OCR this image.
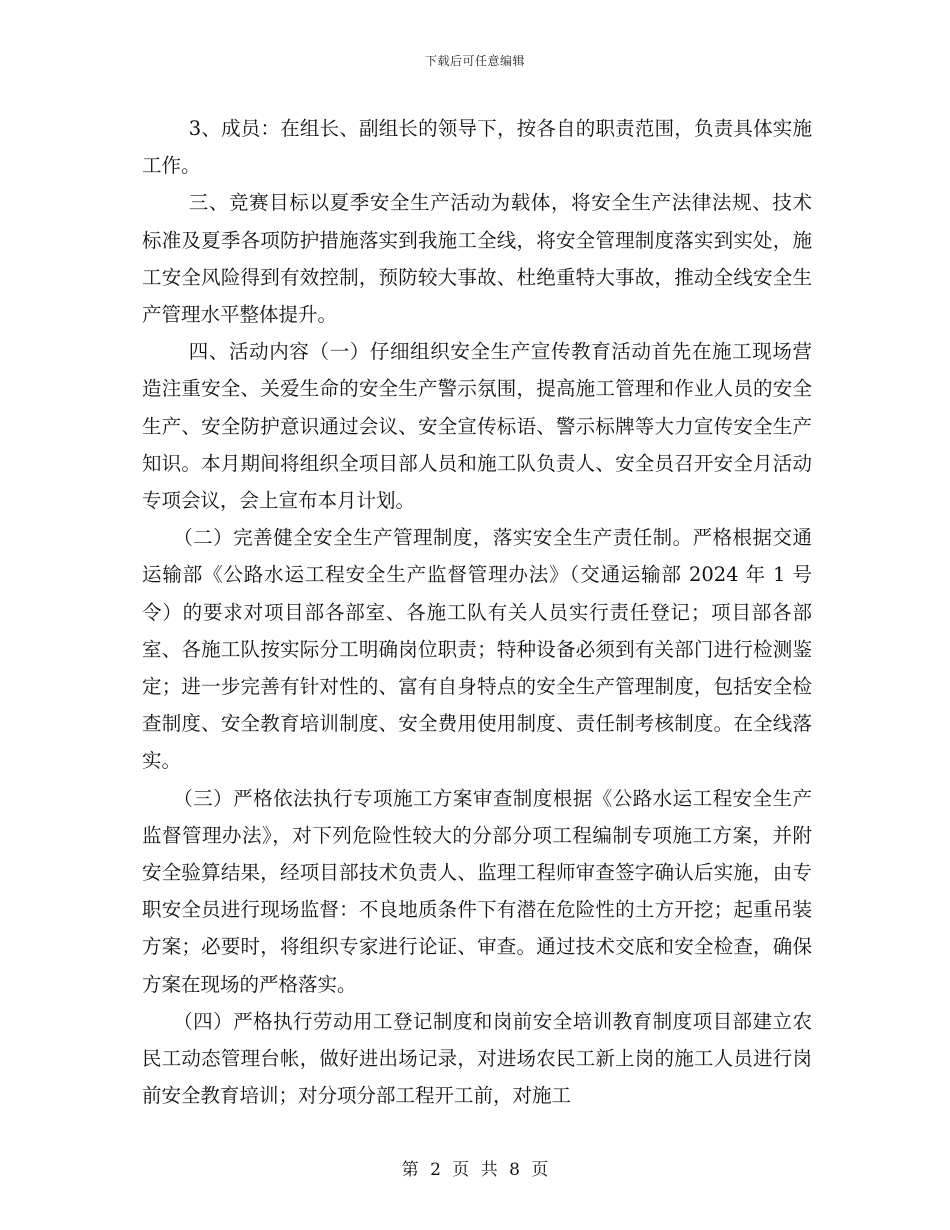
下载后可任意编辑

3、成员：在组长、副组长的领导下，按各自的职责范围，负责具体实施工作。

三、竞赛目标以夏季安全生产活动为载体，将安全生产法律法规、技术标准及夏季各项防护措施落实到我施工全线，将安全管理制度落实到实处，施工安全风险得到有效控制，预防较大事故、杜绝重特大事故，推动全线安全生产管理水平整体提升。

四、活动内容（一）仔细组织安全生产宣传教育活动首先在施工现场营造注重安全、关爱生命的安全生产警示氛围，提高施工管理和作业人员的安全生产、安全防护意识通过会议、安全宣传标语、警示标牌等大力宣传安全生产知识。本月期间将组织全项目部人员和施工队负责人、安全员召开安全月活动专项会议，会上宣布本月计划。

（二）完善健全安全生产管理制度，落实安全生产责任制。严格根据交通运输部《公路水运工程安全生产监督管理办法》（交通运输部 2024 年 1 号令）的要求对项目部各部室、各施工队有关人员实行责任登记；项目部各部室、各施工队按实际分工明确岗位职责；特种设备必须到有关部门进行检测鉴定；进一步完善有针对性的、富有自身特点的安全生产管理制度，包括安全检查制度、安全教育培训制度、安全费用使用制度、责任制考核制度。在全线落实。

（三）严格依法执行专项施工方案审查制度根据《公路水运工程安全生产监督管理办法》，对下列危险性较大的分部分项工程编制专项施工方案，并附安全验算结果，经项目部技术负责人、监理工程师审查签字确认后实施，由专职安全员进行现场监督：不良地质条件下有潜在危险性的土方开挖；起重吊装方案；必要时，将组织专家进行论证、审查。通过技术交底和安全检查，确保方案在现场的严格落实。

（四）严格执行劳动用工登记制度和岗前安全培训教育制度项目部建立农民工动态管理台帐，做好进出场记录，对进场农民工新上岗的施工人员进行岗前安全教育培训；对分项分部工程开工前，对施工

第 2 页 共 8 页
